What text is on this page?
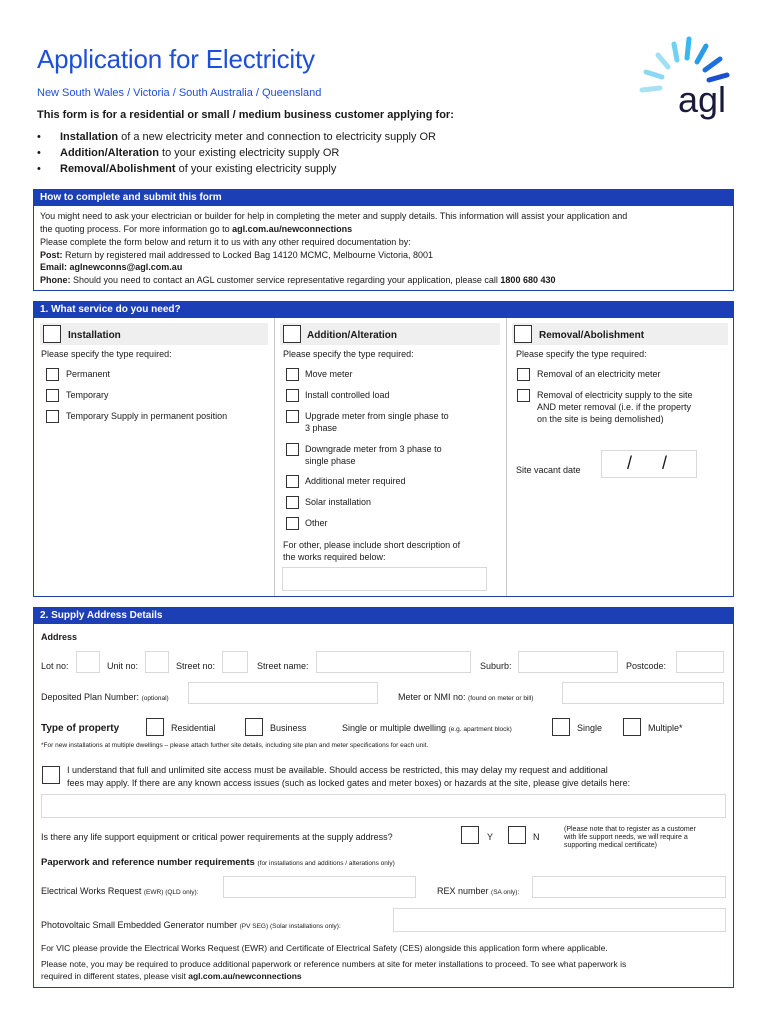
Application for Electricity
New South Wales / Victoria / South Australia / Queensland
This form is for a residential or small / medium business customer applying for:
•	Installation of a new electricity meter and connection to electricity supply OR
•	Addition/Alteration to your existing electricity supply OR
•	Removal/Abolishment of your existing electricity supply
agl
How to complete and submit this form
You might need to ask your electrician or builder for help in completing the meter and supply details. This information will assist your application and
the quoting process. For more information go to agl.com.au/newconnections
Please complete the form below and return it to us with any other required documentation by:
Post: Return by registered mail addressed to Locked Bag 14120 MCMC, Melbourne Victoria, 8001
Email: aglnewconns@agl.com.au
Phone: Should you need to contact an AGL customer service representative regarding your application, please call 1800 680 430
1. What service do you need?
Installation
Please specify the type required:
Permanent
Temporary
Temporary Supply in permanent position
Addition/Alteration
Please specify the type required:
Move meter
Install controlled load
Upgrade meter from single phase to
3 phase
Downgrade meter from 3 phase to
single phase
Additional meter required
Solar installation
Other
For other, please include short description of
the works required below:
Removal/Abolishment
Please specify the type required:
Removal of an electricity meter
Removal of electricity supply to the site
AND meter removal (i.e. if the property
on the site is being demolished)
Site vacant date	/ /
2. Supply Address Details
Address
Lot no:	Unit no:	Street no:	Street name:	Suburb:	Postcode:
Deposited Plan Number: (optional)	Meter or NMI no: (found on meter or bill)
Type of property	Residential	Business	Single or multiple dwelling (e.g. apartment block)	Single	Multiple*
*For new installations at multiple dwellings – please attach further site details, including site plan and meter specifications for each unit.
I understand that full and unlimited site access must be available. Should access be restricted, this may delay my request and additional
fees may apply. If there are any known access issues (such as locked gates and meter boxes) or hazards at the site, please give details here:
Is there any life support equipment or critical power requirements at the supply address?	Y	N
(Please note that to register as a customer
with life support needs, we will require a
supporting medical certificate)
Paperwork and reference number requirements (for installations and additions / alterations only)
Electrical Works Request (EWR) (QLD only):	REX number (SA only):
Photovoltaic Small Embedded Generator number (PV SEG) (Solar installations only):
For VIC please provide the Electrical Works Request (EWR) and Certificate of Electrical Safety (CES) alongside this application form where applicable.
Please note, you may be required to produce additional paperwork or reference numbers at site for meter installations to proceed. To see what paperwork is
required in different states, please visit agl.com.au/newconnections
